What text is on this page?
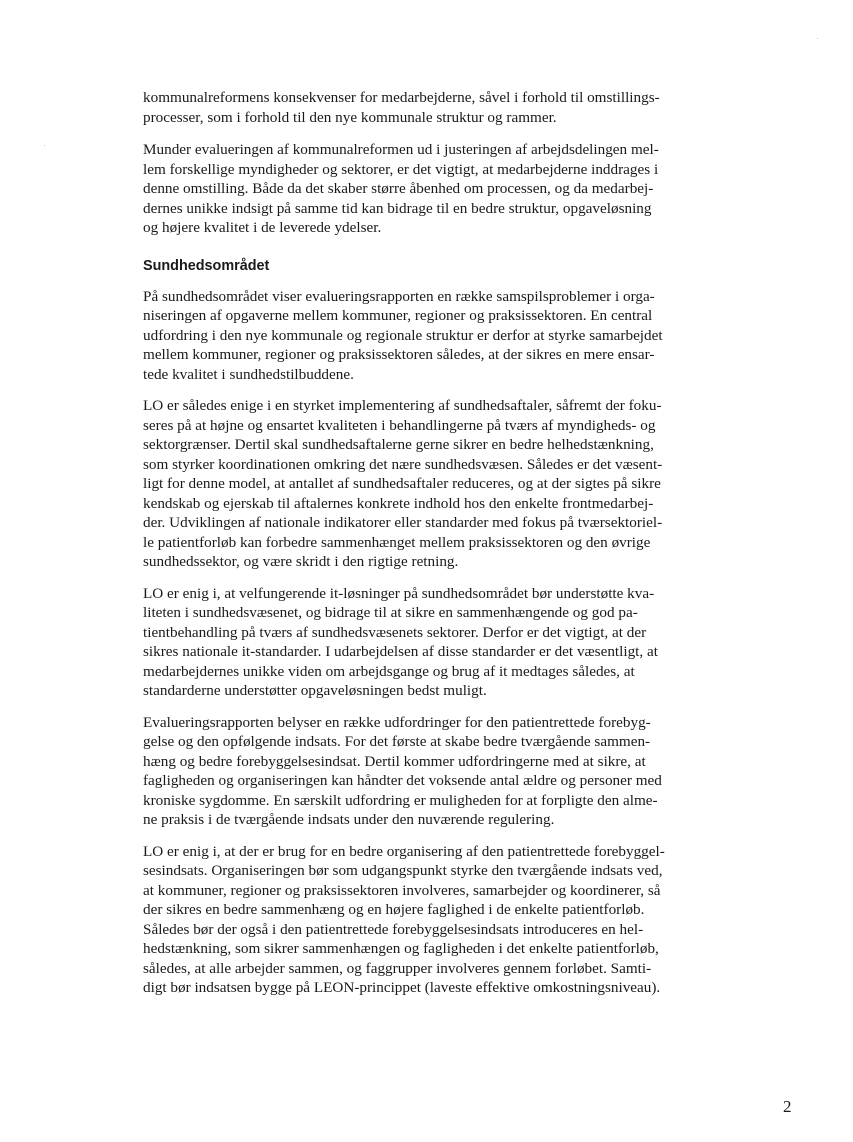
kommunalreformens konsekvenser for medarbejderne, såvel i forhold til omstillings-
processer, som i forhold til den nye kommunale struktur og rammer.
Munder evalueringen af kommunalreformen ud i justeringen af arbejdsdelingen mel-
lem forskellige myndigheder og sektorer, er det vigtigt, at medarbejderne inddrages i
denne omstilling. Både da det skaber større åbenhed om processen, og da medarbej-
dernes unikke indsigt på samme tid kan bidrage til en bedre struktur, opgaveløsning
og højere kvalitet i de leverede ydelser.
Sundhedsområdet
På sundhedsområdet viser evalueringsrapporten en række samspilsproblemer i orga-
niseringen af opgaverne mellem kommuner, regioner og praksissektoren. En central
udfordring i den nye kommunale og regionale struktur er derfor at styrke samarbejdet
mellem kommuner, regioner og praksissektoren således, at der sikres en mere ensar-
tede kvalitet i sundhedstilbuddene.
LO er således enige i en styrket implementering af sundhedsaftaler, såfremt der foku-
seres på at højne og ensartet kvaliteten i behandlingerne på tværs af myndigheds- og
sektorgrænser. Dertil skal sundhedsaftalerne gerne sikrer en bedre helhedstænkning,
som styrker koordinationen omkring det nære sundhedsvæsen. Således er det væsent-
ligt for denne model, at antallet af sundhedsaftaler reduceres, og at der sigtes på sikre
kendskab og ejerskab til aftalernes konkrete indhold hos den enkelte frontmedarbej-
der. Udviklingen af nationale indikatorer eller standarder med fokus på tværsektoriel-
le patientforløb kan forbedre sammenhænget mellem praksissektoren og den øvrige
sundhedssektor, og være skridt i den rigtige retning.
LO er enig i, at velfungerende it-løsninger på sundhedsområdet bør understøtte kva-
liteten i sundhedsvæsenet, og bidrage til at sikre en sammenhængende og god pa-
tientbehandling på tværs af sundhedsvæsenets sektorer. Derfor er det vigtigt, at der
sikres nationale it-standarder. I udarbejdelsen af disse standarder er det væsentligt, at
medarbejdernes unikke viden om arbejdsgange og brug af it medtages således, at
standarderne understøtter opgaveløsningen bedst muligt.
Evalueringsrapporten belyser en række udfordringer for den patientrettede forebyg-
gelse og den opfølgende indsats. For det første at skabe bedre tværgående sammen-
hæng og bedre forebyggelsesindsat. Dertil kommer udfordringerne med at sikre, at
fagligheden og organiseringen kan håndter det voksende antal ældre og personer med
kroniske sygdomme. En særskilt udfordring er muligheden for at forpligte den alme-
ne praksis i de tværgående indsats under den nuværende regulering.
LO er enig i, at der er brug for en bedre organisering af den patientrettede forebyggel-
sesindsats. Organiseringen bør som udgangspunkt styrke den tværgående indsats ved,
at kommuner, regioner og praksissektoren involveres, samarbejder og koordinerer, så
der sikres en bedre sammenhæng og en højere faglighed i de enkelte patientforløb.
Således bør der også i den patientrettede forebyggelsesindsats introduceres en hel-
hedstænkning, som sikrer sammenhængen og fagligheden i det enkelte patientforløb,
således, at alle arbejder sammen, og faggrupper involveres gennem forløbet. Samti-
digt bør indsatsen bygge på LEON-princippet (laveste effektive omkostningsniveau).
2
